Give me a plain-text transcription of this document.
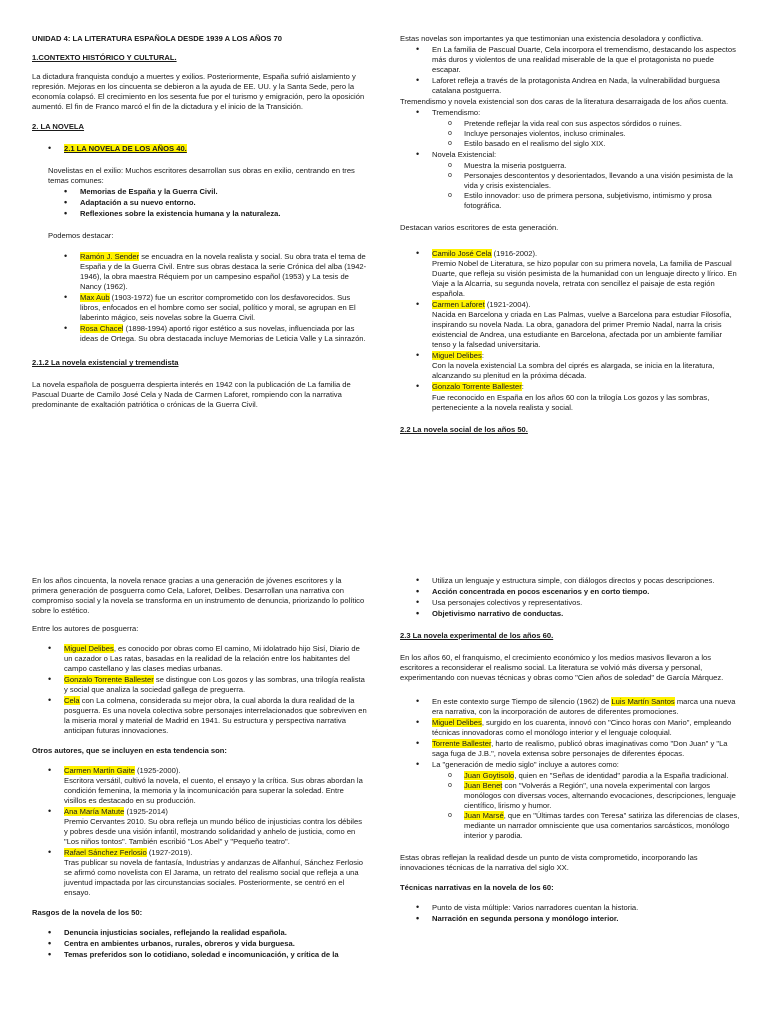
UNIDAD 4: LA LITERATURA ESPAÑOLA DESDE 1939 A LOS AÑOS 70

1.CONTEXTO HISTÓRICO Y CULTURAL.

La dictadura franquista condujo a muertes y exilios. Posteriormente, España sufrió aislamiento y represión. Mejoras en los cincuenta se debieron a la ayuda de EE. UU. y la Santa Sede, pero la economía colapsó. El crecimiento en los sesenta fue por el turismo y emigración, pero la oposición aumentó. El fin de Franco marcó el fin de la dictadura y el inicio de la Transición.

2. LA NOVELA

• 2.1 LA NOVELA DE LOS AÑOS 40.

Novelistas en el exilio: Muchos escritores desarrollan sus obras en exilio, centrando en tres temas comunes:

• Memorias de España y la Guerra Civil.
• Adaptación a su nuevo entorno.
• Reflexiones sobre la existencia humana y la naturaleza.

Podemos destacar:

• Ramón J. Sender se encuadra en la novela realista y social. Su obra trata el tema de España y de la Guerra Civil. Entre sus obras destaca la serie Crónica del alba (1942-1946), la obra maestra Réquiem por un campesino español (1953) y La tesis de Nancy (1962).
• Max Aub (1903-1972) fue un escritor comprometido con los desfavorecidos. Sus libros, enfocados en el hombre como ser social, político y moral, se agrupan en El laberinto mágico, seis novelas sobre la Guerra Civil.
• Rosa Chacel (1898-1994) aportó rigor estético a sus novelas, influenciada por las ideas de Ortega. Su obra destacada incluye Memorias de Leticia Valle y La sinrazón.

2.1.2 La novela existencial y tremendista

La novela española de posguerra despierta interés en 1942 con la publicación de La familia de Pascual Duarte de Camilo José Cela y Nada de Carmen Laforet, rompiendo con la narrativa predominante de exaltación patriótica o crónicas de la Guerra Civil.

Estas novelas son importantes ya que testimonian una existencia desoladora y conflictiva.

• En La familia de Pascual Duarte, Cela incorpora el tremendismo, destacando los aspectos más duros y violentos de una realidad miserable de la que el protagonista no puede escapar.
• Laforet refleja a través de la protagonista Andrea en Nada, la vulnerabilidad burguesa catalana postguerra.

Tremendismo y novela existencial son dos caras de la literatura desarraigada de los años cuenta.

• Tremendismo:
o Pretende reflejar la vida real con sus aspectos sórdidos o ruines.
o Incluye personajes violentos, incluso criminales.
o Estilo basado en el realismo del siglo XIX.
• Novela Existencial:
o Muestra la miseria postguerra.
o Personajes descontentos y desorientados, llevando a una visión pesimista de la vida y crisis existenciales.
o Estilo innovador: uso de primera persona, subjetivismo, intimismo y prosa fotográfica.

Destacan varios escritores de esta generación.

• Camilo José Cela (1916-2002).
Premio Nobel de Literatura, se hizo popular con su primera novela, La familia de Pascual Duarte, que refleja su visión pesimista de la humanidad con un lenguaje directo y lírico. En Viaje a la Alcarria, su segunda novela, retrata con sencillez el paisaje de esta región española.
• Carmen Laforet (1921-2004).
Nacida en Barcelona y criada en Las Palmas, vuelve a Barcelona para estudiar Filosofía, inspirando su novela Nada. La obra, ganadora del primer Premio Nadal, narra la crisis existencial de Andrea, una estudiante en Barcelona, afectada por un ambiente familiar tenso y la falsedad universitaria.
• Miguel Delibes:
Con la novela existencial La sombra del ciprés es alargada, se inicia en la literatura, alcanzando su plenitud en la próxima década.
• Gonzalo Torrente Ballester:
Fue reconocido en España en los años 60 con la trilogía Los gozos y las sombras, perteneciente a la novela realista y social.

2.2 La novela social de los años 50.

En los años cincuenta, la novela renace gracias a una generación de jóvenes escritores y la primera generación de posguerra como Cela, Laforet, Delibes. Desarrollan una narrativa con compromiso social y la novela se transforma en un instrumento de denuncia, priorizando lo político sobre lo estético.

Entre los autores de posguerra:

• Miguel Delibes, es conocido por obras como El camino, Mi idolatrado hijo Sisí, Diario de un cazador o Las ratas, basadas en la realidad de la relación entre los habitantes del campo castellano y las clases medias urbanas.
• Gonzalo Torrente Ballester se distingue con Los gozos y las sombras, una trilogía realista y social que analiza la sociedad gallega de preguerra.
• Cela con La colmena, considerada su mejor obra, la cual aborda la dura realidad de la posguerra. Es una novela colectiva sobre personajes interrelacionados que sobreviven en la miseria moral y material de Madrid en 1941. Su estructura y perspectiva narrativa anticipan futuras innovaciones.

Otros autores, que se incluyen en esta tendencia son:

• Carmen Martín Gaite (1925-2000).
Escritora versátil, cultivó la novela, el cuento, el ensayo y la crítica. Sus obras abordan la condición femenina, la memoria y la incomunicación para superar la soledad. Entre visillos es destacado en su producción.
• Ana María Matute (1925-2014)
Premio Cervantes 2010. Su obra refleja un mundo bélico de injusticias contra los débiles y pobres desde una visión infantil, mostrando solidaridad y anhelo de justicia, como en "Los niños tontos". También escribió "Los Abel" y "Pequeño teatro".
• Rafael Sánchez Ferlosio (1927-2019).
Tras publicar su novela de fantasía, Industrias y andanzas de Alfanhuí, Sánchez Ferlosio se afirmó como novelista con El Jarama, un retrato del realismo social que refleja a una juventud impactada por las circunstancias sociales. Posteriormente, se centró en el ensayo.

Rasgos de la novela de los 50:

• Denuncia injusticias sociales, reflejando la realidad española.
• Centra en ambientes urbanos, rurales, obreros y vida burguesa.
• Temas preferidos son lo cotidiano, soledad e incomunicación, y crítica de la
• Utiliza un lenguaje y estructura simple, con diálogos directos y pocas descripciones.
• Acción concentrada en pocos escenarios y en corto tiempo.
• Usa personajes colectivos y representativos.
• Objetivismo narrativo de conductas.

2.3 La novela experimental de los años 60.

En los años 60, el franquismo, el crecimiento económico y los medios masivos llevaron a los escritores a reconsiderar el realismo social. La literatura se volvió más diversa y personal, experimentando con nuevas técnicas y obras como "Cien años de soledad" de García Márquez.

• En este contexto surge Tiempo de silencio (1962) de Luis Martín Santos marca una nueva era narrativa, con la incorporación de autores de diferentes promociones.
• Miguel Delibes, surgido en los cuarenta, innovó con "Cinco horas con Mario", empleando técnicas innovadoras como el monólogo interior y el lenguaje coloquial.
• Torrente Ballester, harto de realismo, publicó obras imaginativas como "Don Juan" y "La saga fuga de J.B.", novela extensa sobre personajes de diferentes épocas.
• La "generación de medio siglo" incluye a autores como:
o Juan Goytisolo, quien en "Señas de identidad" parodia a la España tradicional.
o Juan Benet con "Volverás a Región", una novela experimental con largos monólogos con diversas voces, alternando evocaciones, descripciones, lenguaje científico, lirismo y humor.
o Juan Marsé, que en "Últimas tardes con Teresa" satiriza las diferencias de clases, mediante un narrador omnisciente que usa comentarios sarcásticos, monólogo interior y parodia.

Estas obras reflejan la realidad desde un punto de vista comprometido, incorporando las innovaciones técnicas de la narrativa del siglo XX.

Técnicas narrativas en la novela de los 60:

• Punto de vista múltiple: Varios narradores cuentan la historia.
• Narración en segunda persona y monólogo interior.
